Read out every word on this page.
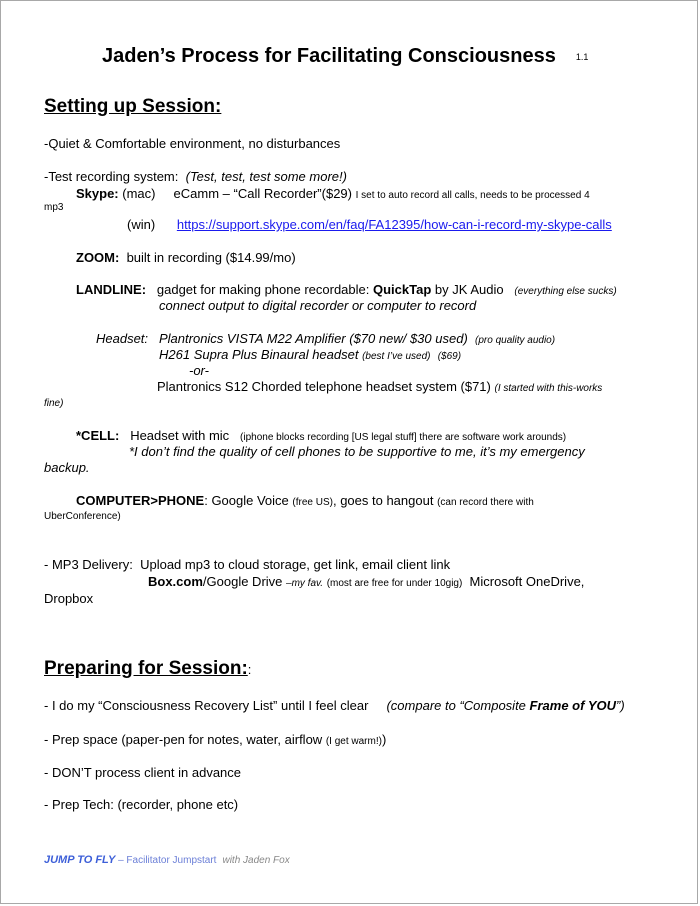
Jaden’s Process for Facilitating Consciousness 1.1
Setting up Session:
-Quiet & Comfortable environment, no disturbances
-Test recording system: (Test, test, test some more!)
Skype: (mac) eCamm – “Call Recorder”($29) I set to auto record all calls, needs to be processed 4
mp3
(win) https://support.skype.com/en/faq/FA12395/how-can-i-record-my-skype-calls
ZOOM: built in recording ($14.99/mo)
LANDLINE: gadget for making phone recordable: QuickTap by JK Audio (everything else sucks)
connect output to digital recorder or computer to record
Headset: Plantronics VISTA M22 Amplifier ($70 new/ $30 used) (pro quality audio)
H261 Supra Plus Binaural headset (best I’ve used) ($69)
-or-
Plantronics S12 Chorded telephone headset system ($71) (I started with this-works
fine)
*CELL: Headset with mic (iphone blocks recording [US legal stuff] there are software work arounds)
*I don’t find the quality of cell phones to be supportive to me, it’s my emergency
backup.
COMPUTER>PHONE: Google Voice (free US), goes to hangout (can record there with
UberConference)
- MP3 Delivery: Upload mp3 to cloud storage, get link, email client link
Box.com/Google Drive –my fav. (most are free for under 10gig) Microsoft OneDrive,
Dropbox
Preparing for Session::
- I do my “Consciousness Recovery List” until I feel clear (compare to “Composite Frame of YOU”)
- Prep space (paper-pen for notes, water, airflow (I get warm!))
- DON’T process client in advance
- Prep Tech: (recorder, phone etc)
JUMP TO FLY – Facilitator Jumpstart with Jaden Fox
